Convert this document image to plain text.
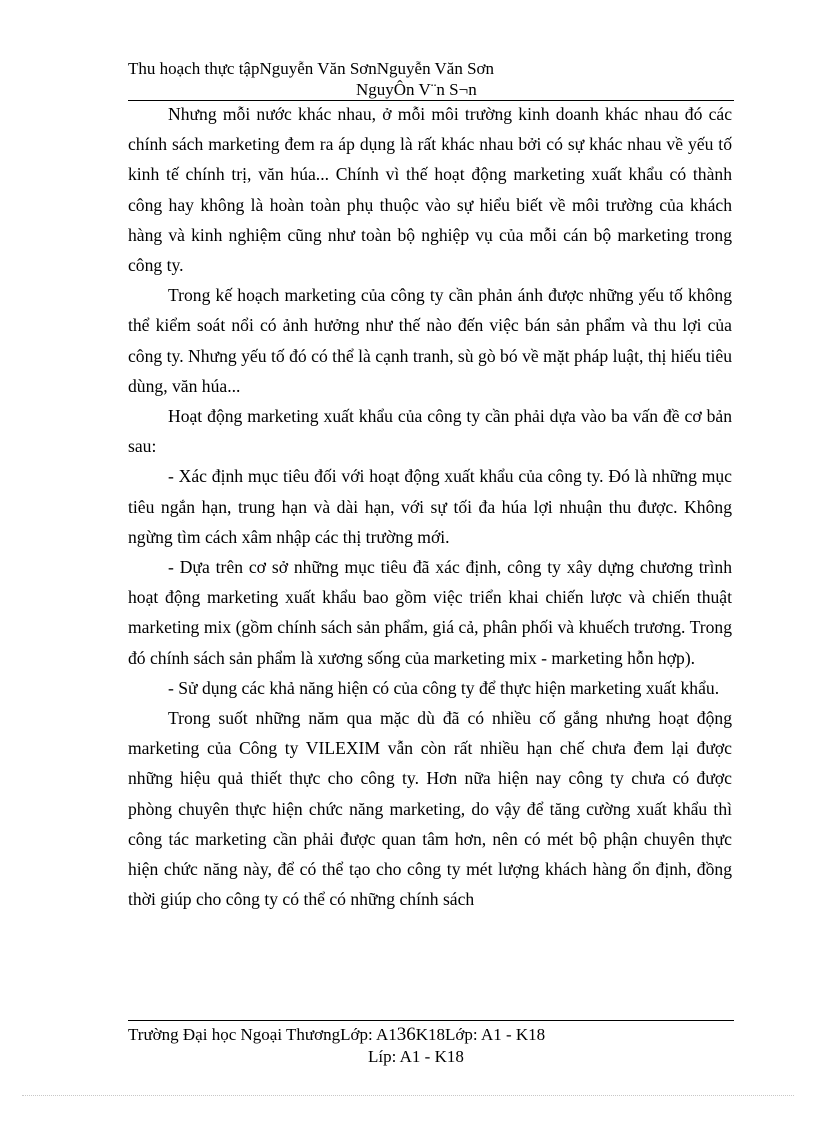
Thu hoạch thực tậpNguyễn Văn SơnNguyễn Văn Sơn
NguyÔn V¨n S¬n

Nhưng mỗi nước khác nhau, ở mỗi môi trường kinh doanh khác nhau đó các chính sách marketing đem ra áp dụng là rất khác nhau bởi có sự khác nhau về yếu tố kinh tế chính trị, văn húa... Chính vì thế hoạt động marketing xuất khẩu có thành công hay không là hoàn toàn phụ thuộc vào sự hiểu biết về môi trường của khách hàng và kinh nghiệm cũng như toàn bộ nghiệp vụ của mỗi cán bộ marketing trong công ty.

Trong kế hoạch marketing của công ty cần phản ánh được những yếu tố không thể kiểm soát nổi có ảnh hưởng như thế nào đến việc bán sản phẩm và thu lợi của công ty. Nhưng yếu tố đó có thể là cạnh tranh, sù gò bó về mặt pháp luật, thị hiếu tiêu dùng, văn húa...

Hoạt động marketing xuất khẩu của công ty cần phải dựa vào ba vấn đề cơ bản sau:

- Xác định mục tiêu đối với hoạt động xuất khẩu của công ty. Đó là những mục tiêu ngắn hạn, trung hạn và dài hạn, với sự tối đa húa lợi nhuận thu được. Không ngừng tìm cách xâm nhập các thị trường mới.

- Dựa trên cơ sở những mục tiêu đã xác định, công ty xây dựng chương trình hoạt động marketing xuất khẩu bao gồm việc triển khai chiến lược và chiến thuật marketing mix (gồm chính sách sản phẩm, giá cả, phân phối và khuếch trương. Trong đó chính sách sản phẩm là xương sống của marketing mix - marketing hỗn hợp).

- Sử dụng các khả năng hiện có của công ty để thực hiện marketing xuất khẩu.

Trong suốt những năm qua mặc dù đã có nhiều cố gắng nhưng hoạt động marketing của Công ty VILEXIM vẫn còn rất nhiều hạn chế chưa đem lại được những hiệu quả thiết thực cho công ty. Hơn nữa hiện nay công ty chưa có được phòng chuyên thực hiện chức năng marketing, do vậy để tăng cường xuất khẩu thì công tác marketing cần phải được quan tâm hơn, nên có mét bộ phận chuyên thực hiện chức năng này, để có thể tạo cho công ty mét lượng khách hàng ổn định, đồng thời giúp cho công ty có thể có những chính sách

Trường Đại học Ngoại ThươngLớp: A136K18Lớp: A1 - K18
Líp: A1 - K18
